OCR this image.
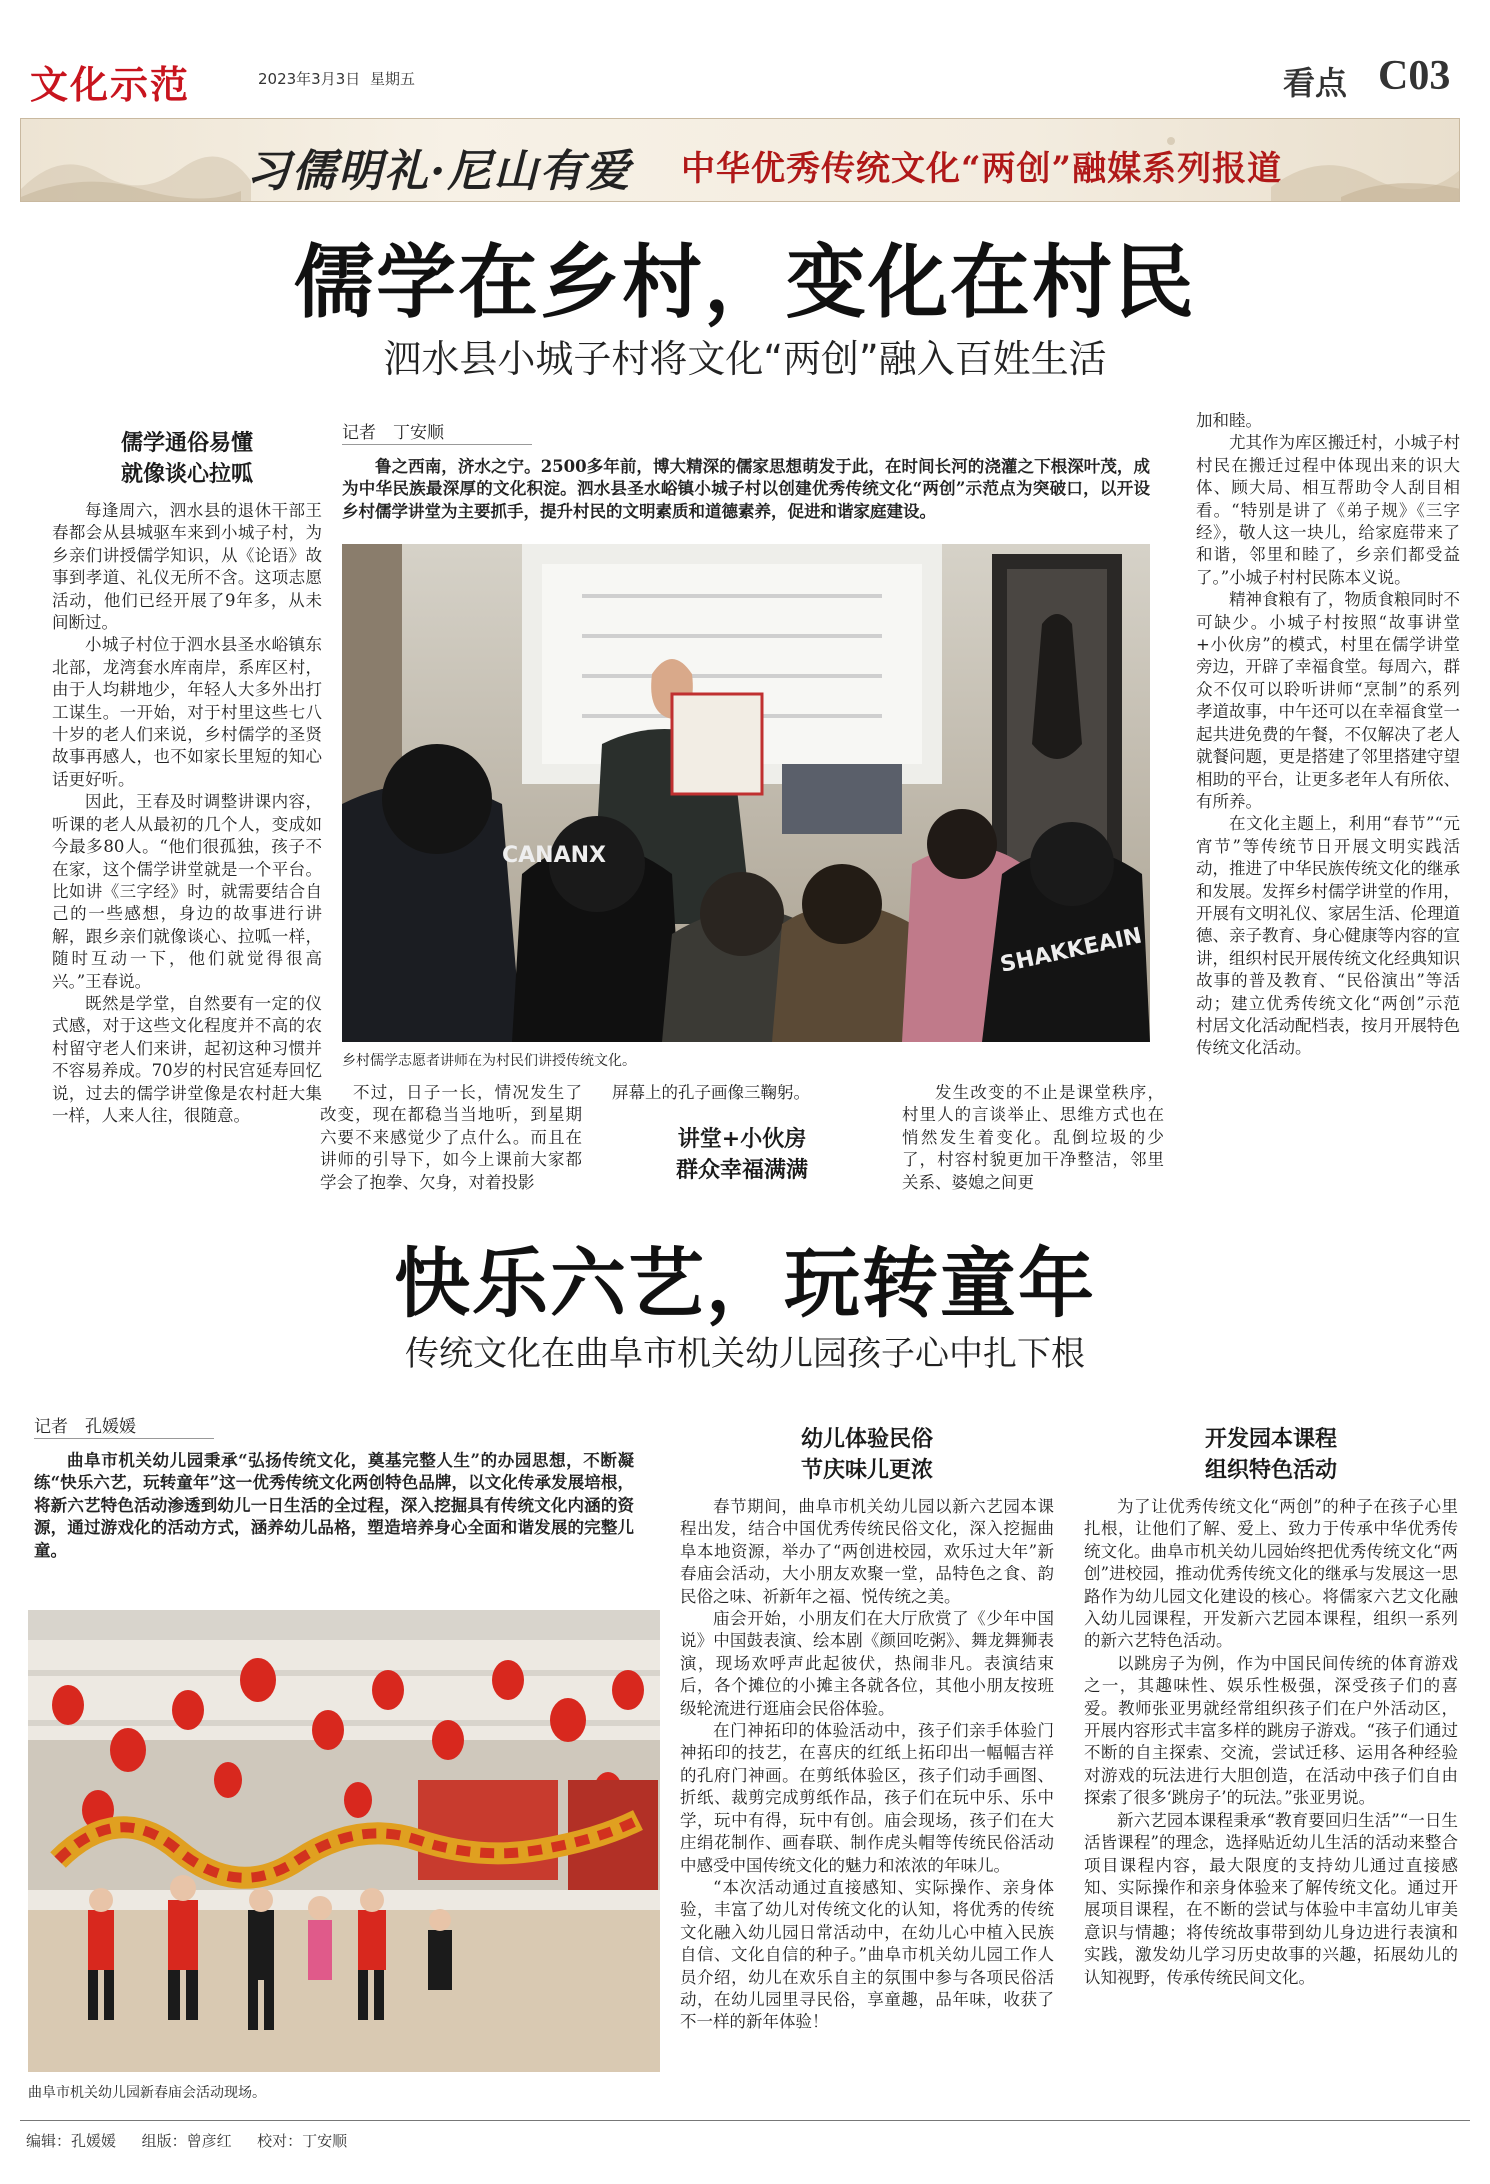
文化示范	2023年3月3日 星期五	看点 C03
习儒明礼·尼山有爱 中华优秀传统文化“两创”融媒系列报道
儒学在乡村，变化在村民
泗水县小城子村将文化“两创”融入百姓生活
儒学通俗易懂
就像谈心拉呱

每逢周六，泗水县的退休干部王春都会从县城驱车来到小城子村，为乡亲们讲授儒学知识，从《论语》故事到孝道、礼仪无所不含。这项志愿活动，他们已经开展了9年多，从未间断过。

小城子村位于泗水县圣水峪镇东北部，龙湾套水库南岸，系库区村，由于人均耕地少，年轻人大多外出打工谋生。一开始，对于村里这些七八十岁的老人们来说，乡村儒学的圣贤故事再感人，也不如家长里短的知心话更好听。

因此，王春及时调整讲课内容，听课的老人从最初的几个人，变成如今最多80人。“他们很孤独，孩子不在家，这个儒学讲堂就是一个平台。比如讲《三字经》时，就需要结合自己的一些感想，身边的故事进行讲解，跟乡亲们就像谈心、拉呱一样，随时互动一下，他们就觉得很高兴。”王春说。

既然是学堂，自然要有一定的仪式感，对于这些文化程度并不高的农村留守老人们来讲，起初这种习惯并不容易养成。70岁的村民宫延寿回忆说，过去的儒学讲堂像是农村赶大集一样，人来人往，很随意。

记者　丁安顺

鲁之西南，济水之宁。2500多年前，博大精深的儒家思想萌发于此，在时间长河的浇灌之下根深叶茂，成为中华民族最深厚的文化积淀。泗水县圣水峪镇小城子村以创建优秀传统文化“两创”示范点为突破口，以开设乡村儒学讲堂为主要抓手，提升村民的文明素质和道德素养，促进和谐家庭建设。

CANANX
SHAKKEAIN
乡村儒学志愿者讲师在为村民们讲授传统文化。

不过，日子一长，情况发生了改变，现在都稳当当地听，到星期六要不来感觉少了点什么。而且在讲师的引导下，如今上课前大家都学会了抱拳、欠身，对着投影

屏幕上的孔子画像三鞠躬。
讲堂+小伙房
群众幸福满满

发生改变的不止是课堂秩序，村里人的言谈举止、思维方式也在悄然发生着变化。乱倒垃圾的少了，村容村貌更加干净整洁，邻里关系、婆媳之间更

加和睦。

尤其作为库区搬迁村，小城子村村民在搬迁过程中体现出来的识大体、顾大局、相互帮助令人刮目相看。“特别是讲了《弟子规》《三字经》，敬人这一块儿，给家庭带来了和谐，邻里和睦了，乡亲们都受益了。”小城子村村民陈本义说。

精神食粮有了，物质食粮同时不可缺少。小城子村按照“故事讲堂+小伙房”的模式，村里在儒学讲堂旁边，开辟了幸福食堂。每周六，群众不仅可以聆听讲师“烹制”的系列孝道故事，中午还可以在幸福食堂一起共进免费的午餐，不仅解决了老人就餐问题，更是搭建了邻里搭建守望相助的平台，让更多老年人有所依、有所养。

在文化主题上，利用“春节”“元宵节”等传统节日开展文明实践活动，推进了中华民族传统文化的继承和发展。发挥乡村儒学讲堂的作用，开展有文明礼仪、家居生活、伦理道德、亲子教育、身心健康等内容的宣讲，组织村民开展传统文化经典知识故事的普及教育、“民俗演出”等活动；建立优秀传统文化“两创”示范村居文化活动配档表，按月开展特色传统文化活动。

快乐六艺，玩转童年
传统文化在曲阜市机关幼儿园孩子心中扎下根
记者　孔媛媛

曲阜市机关幼儿园秉承“弘扬传统文化，奠基完整人生”的办园思想，不断凝练“快乐六艺，玩转童年”这一优秀传统文化两创特色品牌，以文化传承发展培根，将新六艺特色活动渗透到幼儿一日生活的全过程，深入挖掘具有传统文化内涵的资源，通过游戏化的活动方式，涵养幼儿品格，塑造培养身心全面和谐发展的完整儿童。

曲阜市机关幼儿园新春庙会活动现场。
幼儿体验民俗
节庆味儿更浓

春节期间，曲阜市机关幼儿园以新六艺园本课程出发，结合中国优秀传统民俗文化，深入挖掘曲阜本地资源，举办了“两创进校园，欢乐过大年”新春庙会活动，大小朋友欢聚一堂，品特色之食、韵民俗之味、祈新年之福、悦传统之美。

庙会开始，小朋友们在大厅欣赏了《少年中国说》中国鼓表演、绘本剧《颜回吃粥》、舞龙舞狮表演，现场欢呼声此起彼伏，热闹非凡。表演结束后，各个摊位的小摊主各就各位，其他小朋友按班级轮流进行逛庙会民俗体验。

在门神拓印的体验活动中，孩子们亲手体验门神拓印的技艺，在喜庆的红纸上拓印出一幅幅吉祥的孔府门神画。在剪纸体验区，孩子们动手画图、折纸、裁剪完成剪纸作品，孩子们在玩中乐、乐中学，玩中有得，玩中有创。庙会现场，孩子们在大庄绢花制作、画春联、制作虎头帽等传统民俗活动中感受中国传统文化的魅力和浓浓的年味儿。

“本次活动通过直接感知、实际操作、亲身体验，丰富了幼儿对传统文化的认知，将优秀的传统文化融入幼儿园日常活动中，在幼儿心中植入民族自信、文化自信的种子。”曲阜市机关幼儿园工作人员介绍，幼儿在欢乐自主的氛围中参与各项民俗活动，在幼儿园里寻民俗，享童趣，品年味，收获了不一样的新年体验！

开发园本课程
组织特色活动

为了让优秀传统文化“两创”的种子在孩子心里扎根，让他们了解、爱上、致力于传承中华优秀传统文化。曲阜市机关幼儿园始终把优秀传统文化“两创”进校园，推动优秀传统文化的继承与发展这一思路作为幼儿园文化建设的核心。将儒家六艺文化融入幼儿园课程，开发新六艺园本课程，组织一系列的新六艺特色活动。

以跳房子为例，作为中国民间传统的体育游戏之一，其趣味性、娱乐性极强，深受孩子们的喜爱。教师张亚男就经常组织孩子们在户外活动区，开展内容形式丰富多样的跳房子游戏。“孩子们通过不断的自主探索、交流，尝试迁移、运用各种经验对游戏的玩法进行大胆创造，在活动中孩子们自由探索了很多‘跳房子’的玩法。”张亚男说。

新六艺园本课程秉承“教育要回归生活”“一日生活皆课程”的理念，选择贴近幼儿生活的活动来整合项目课程内容，最大限度的支持幼儿通过直接感知、实际操作和亲身体验来了解传统文化。通过开展项目课程，在不断的尝试与体验中丰富幼儿审美意识与情趣；将传统故事带到幼儿身边进行表演和实践，激发幼儿学习历史故事的兴趣，拓展幼儿的认知视野，传承传统民间文化。

编辑：孔媛媛 组版：曾彦红 校对：丁安顺
